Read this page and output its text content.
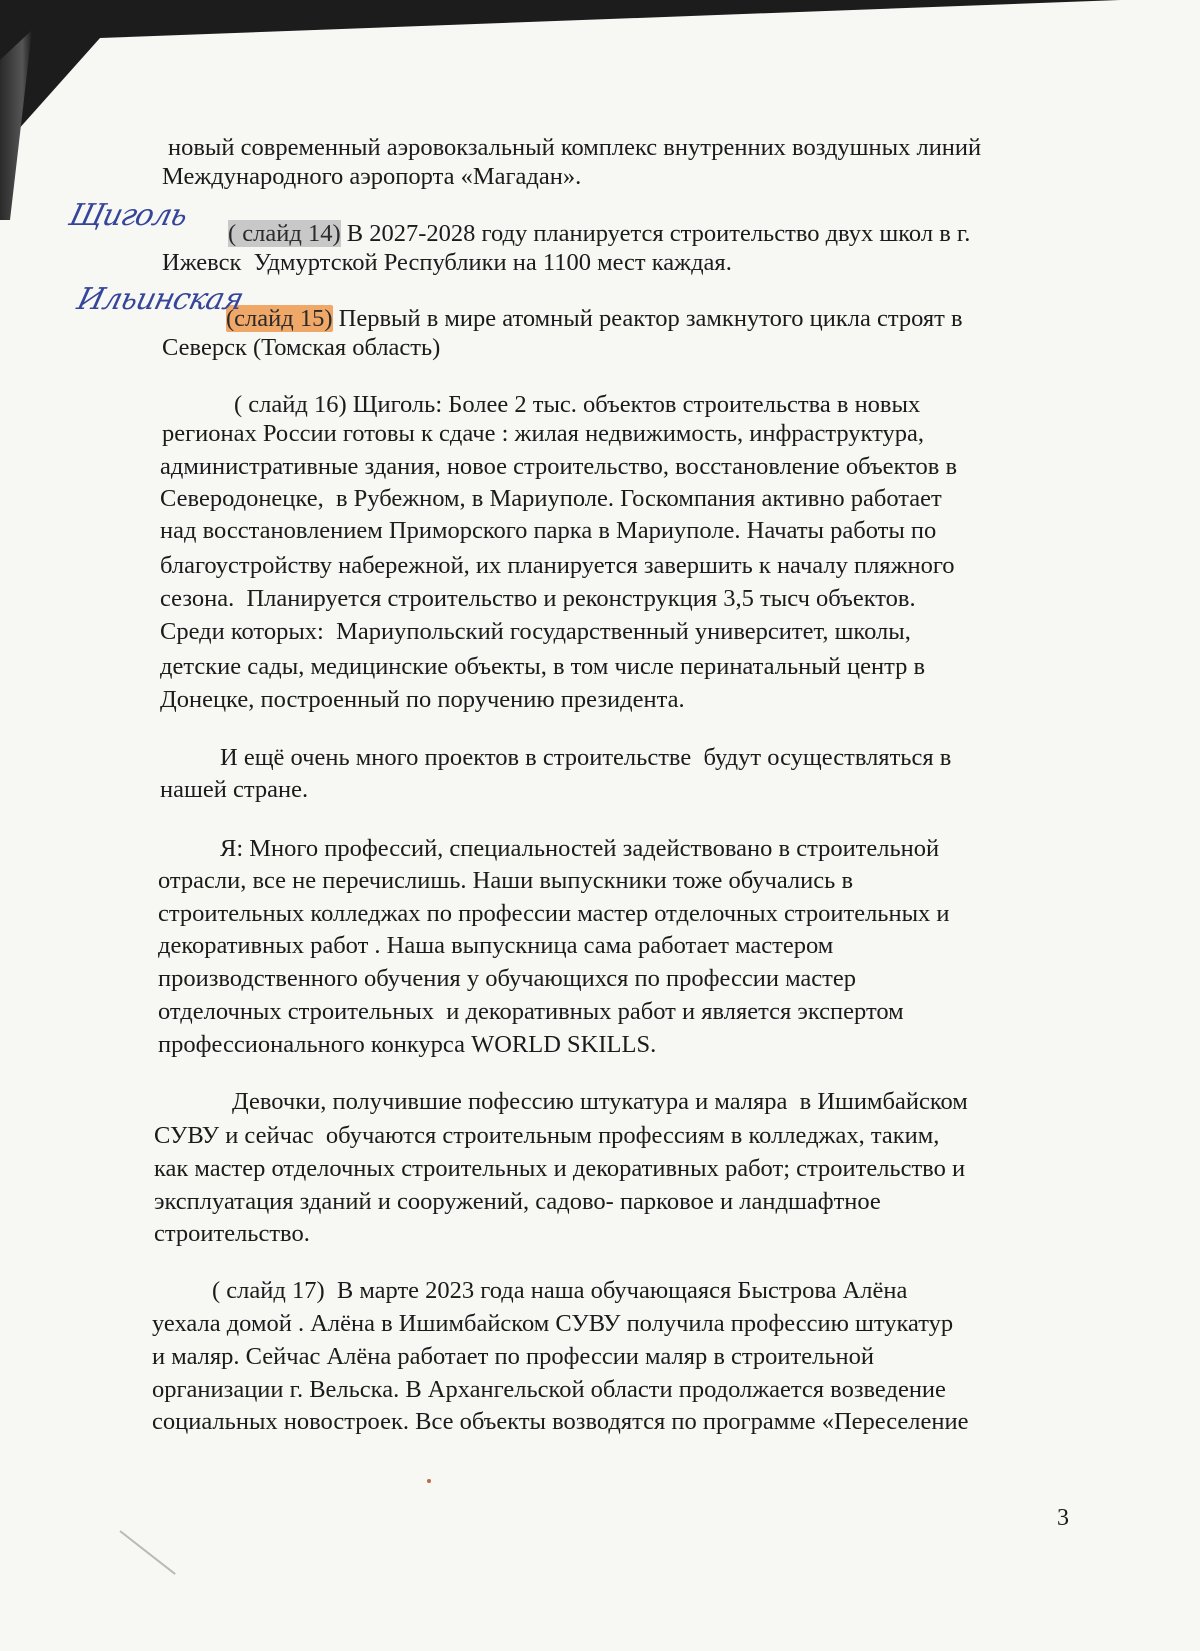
новый современный аэровокзальный комплекс внутренних воздушных линий
Международного аэропорта «Магадан».
( слайд 14) В 2027-2028 году планируется строительство двух школ в г.
Ижевск  Удмуртской Республики на 1100 мест каждая.
(слайд 15) Первый в мире атомный реактор замкнутого цикла строят в
Северск (Томская область)
( слайд 16) Щиголь: Более 2 тыс. объектов строительства в новых
регионах России готовы к сдаче : жилая недвижимость, инфраструктура,
административные здания, новое строительство, восстановление объектов в
Северодонецке,  в Рубежном, в Мариуполе. Госкомпания активно работает
над восстановлением Приморского парка в Мариуполе. Начаты работы по
благоустройству набережной, их планируется завершить к началу пляжного
сезона.  Планируется строительство и реконструкция 3,5 тысч объектов.
Среди которых:  Мариупольский государственный университет, школы,
детские сады, медицинские объекты, в том числе перинатальный центр в
Донецке, построенный по поручению президента.
И ещё очень много проектов в строительстве  будут осуществляться в
нашей стране.
Я: Много профессий, специальностей задействовано в строительной
отрасли, все не перечислишь. Наши выпускники тоже обучались в
строительных колледжах по профессии мастер отделочных строительных и
декоративных работ . Наша выпускница сама работает мастером
производственного обучения у обучающихся по профессии мастер
отделочных строительных  и декоративных работ и является экспертом
профессионального конкурса WORLD SKILLS.
Девочки, получившие пофессию штукатура и маляра  в Ишимбайском
СУВУ и сейчас  обучаются строительным профессиям в колледжах, таким,
как мастер отделочных строительных и декоративных работ; строительство и
эксплуатация зданий и сооружений, садово- парковое и ландшафтное
строительство.
( слайд 17)  В марте 2023 года наша обучающаяся Быстрова Алёна
уехала домой . Алёна в Ишимбайском СУВУ получила профессию штукатур
и маляр. Сейчас Алёна работает по профессии маляр в строительной
организации г. Вельска. В Архангельской области продолжается возведение
социальных новостроек. Все объекты возводятся по программе «Переселение
Щиголь
Ильинская
3
